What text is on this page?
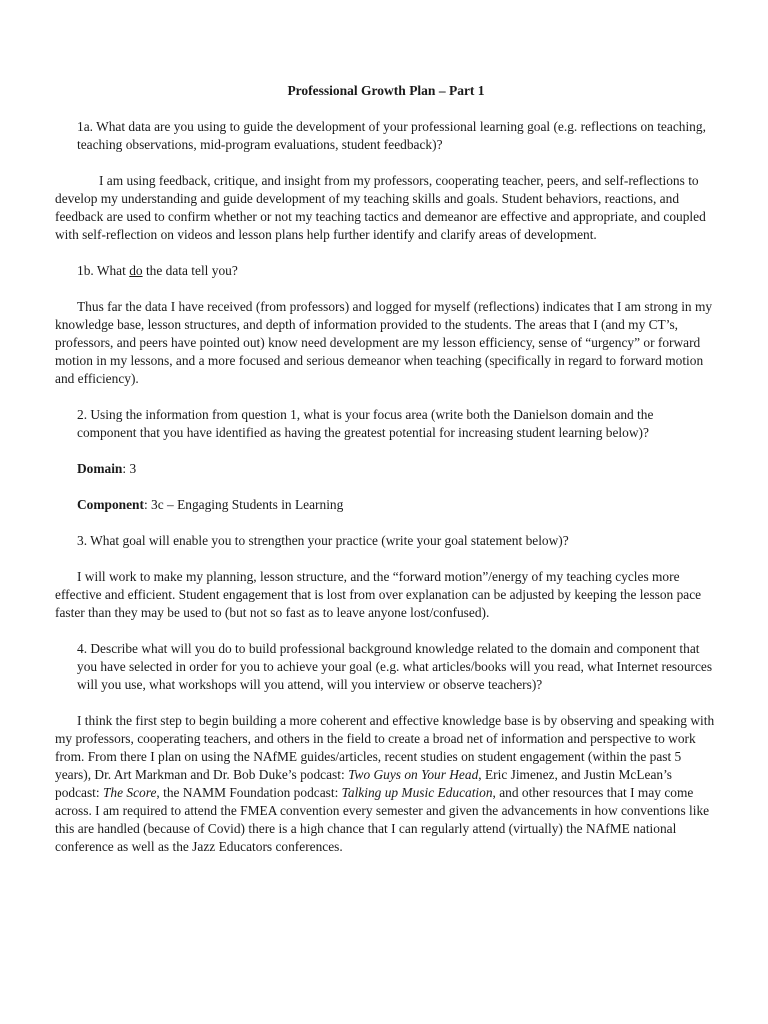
Professional Growth Plan – Part 1
1a. What data are you using to guide the development of your professional learning goal (e.g. reflections on teaching, teaching observations, mid-program evaluations, student feedback)?
I am using feedback, critique, and insight from my professors, cooperating teacher, peers, and self-reflections to develop my understanding and guide development of my teaching skills and goals. Student behaviors, reactions, and feedback are used to confirm whether or not my teaching tactics and demeanor are effective and appropriate, and coupled with self-reflection on videos and lesson plans help further identify and clarify areas of development.
1b. What do the data tell you?
Thus far the data I have received (from professors) and logged for myself (reflections) indicates that I am strong in my knowledge base, lesson structures, and depth of information provided to the students. The areas that I (and my CT’s, professors, and peers have pointed out) know need development are my lesson efficiency, sense of “urgency” or forward motion in my lessons, and a more focused and serious demeanor when teaching (specifically in regard to forward motion and efficiency).
2. Using the information from question 1, what is your focus area (write both the Danielson domain and the component that you have identified as having the greatest potential for increasing student learning below)?
Domain: 3
Component: 3c – Engaging Students in Learning
3. What goal will enable you to strengthen your practice (write your goal statement below)?
I will work to make my planning, lesson structure, and the “forward motion”/energy of my teaching cycles more effective and efficient. Student engagement that is lost from over explanation can be adjusted by keeping the lesson pace faster than they may be used to (but not so fast as to leave anyone lost/confused).
4. Describe what will you do to build professional background knowledge related to the domain and component that you have selected in order for you to achieve your goal (e.g. what articles/books will you read, what Internet resources will you use, what workshops will you attend, will you interview or observe teachers)?
I think the first step to begin building a more coherent and effective knowledge base is by observing and speaking with my professors, cooperating teachers, and others in the field to create a broad net of information and perspective to work from. From there I plan on using the NAfME guides/articles, recent studies on student engagement (within the past 5 years), Dr. Art Markman and Dr. Bob Duke’s podcast: Two Guys on Your Head, Eric Jimenez, and Justin McLean’s podcast: The Score, the NAMM Foundation podcast: Talking up Music Education, and other resources that I may come across. I am required to attend the FMEA convention every semester and given the advancements in how conventions like this are handled (because of Covid) there is a high chance that I can regularly attend (virtually) the NAfME national conference as well as the Jazz Educators conferences.
